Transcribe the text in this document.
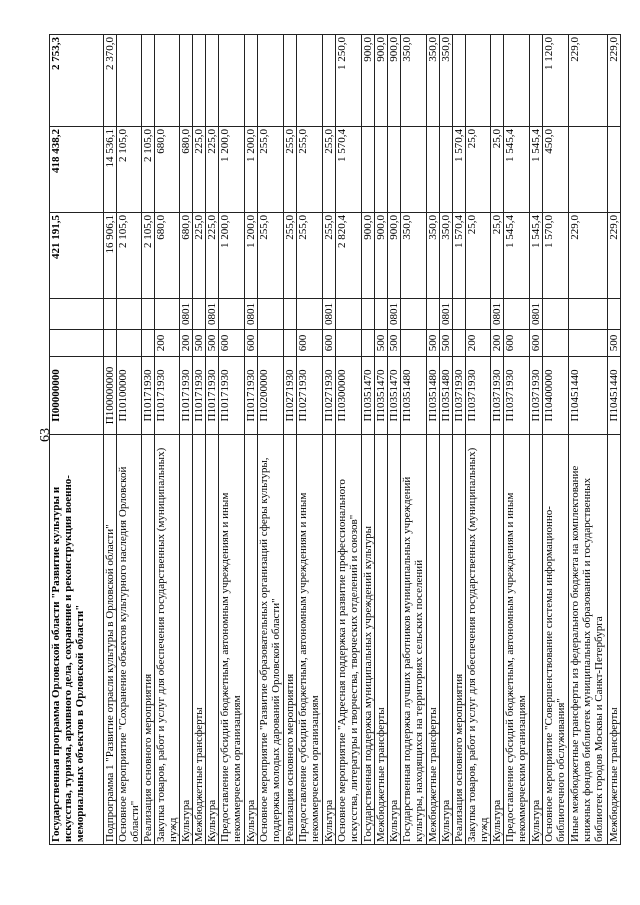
63
Государственная программа Орловской области "Развитие культуры и искусства, туризма, архивного дела, сохранение и реконструкция военно-мемориальных объектов в Орловской области"	П00000000			421 191,5	418 438,2	2 753,3
Подпрограмма 1 "Развитие отрасли культуры в Орловской области"	П100000000			16 906,1	14 536,1	2 370,0
Основное мероприятие "Сохранение объектов культурного наследия Орловской области"	П10100000			2 105,0	2 105,0	
Реализация основного мероприятия	П10171930			2 105,0	2 105,0	
Закупка товаров, работ и услуг для обеспечения государственных (муниципальных) нужд	П10171930	200		680,0	680,0	
Культура	П10171930	200	0801	680,0	680,0	
Межбюджетные трансферты	П10171930	500		225,0	225,0	
Культура	П10171930	500	0801	225,0	225,0	
Предоставление субсидий бюджетным, автономным учреждениям и иным некоммерческим организациям	П10171930	600		1 200,0	1 200,0	
Культура	П10171930	600	0801	1 200,0	1 200,0	
Основное мероприятие "Развитие образовательных организаций сферы культуры, поддержка молодых дарований Орловской области"	П10200000			255,0	255,0	
Реализация основного мероприятия	П10271930			255,0	255,0	
Предоставление субсидий бюджетным, автономным учреждениям и иным некоммерческим организациям	П10271930	600		255,0	255,0	
Культура	П10271930	600	0801	255,0	255,0	
Основное мероприятие "Адресная поддержка и развитие профессионального искусства, литературы и творчества, творческих отделений и союзов"	П10300000			2 820,4	1 570,4	1 250,0
Государственная поддержка муниципальных учреждений культуры	П10351470			900,0		900,0
Межбюджетные трансферты	П10351470	500		900,0		900,0
Культура	П10351470	500	0801	900,0		900,0
Государственная поддержка лучших работников муниципальных учреждений культуры, находящихся на территориях сельских поселений	П10351480			350,0		350,0
Межбюджетные трансферты	П10351480	500		350,0		350,0
Культура	П10351480	500	0801	350,0		350,0
Реализация основного мероприятия	П10371930			1 570,4	1 570,4	
Закупка товаров, работ и услуг для обеспечения государственных (муниципальных) нужд	П10371930	200		25,0	25,0	
Культура	П10371930	200	0801	25,0	25,0	
Предоставление субсидий бюджетным, автономным учреждениям и иным некоммерческим организациям	П10371930	600		1 545,4	1 545,4	
Культура	П10371930	600	0801	1 545,4	1 545,4	
Основное мероприятие "Совершенствование системы информационно-библиотечного обслуживания"	П10400000			1 570,0	450,0	1 120,0
Иные межбюджетные трансферты из федерального бюджета на комплектование книжных фондов библиотек муниципальных образований и государственных библиотек городов Москвы и Санкт-Петербурга	П10451440			229,0		229,0
Межбюджетные трансферты	П10451440	500		229,0		229,0
